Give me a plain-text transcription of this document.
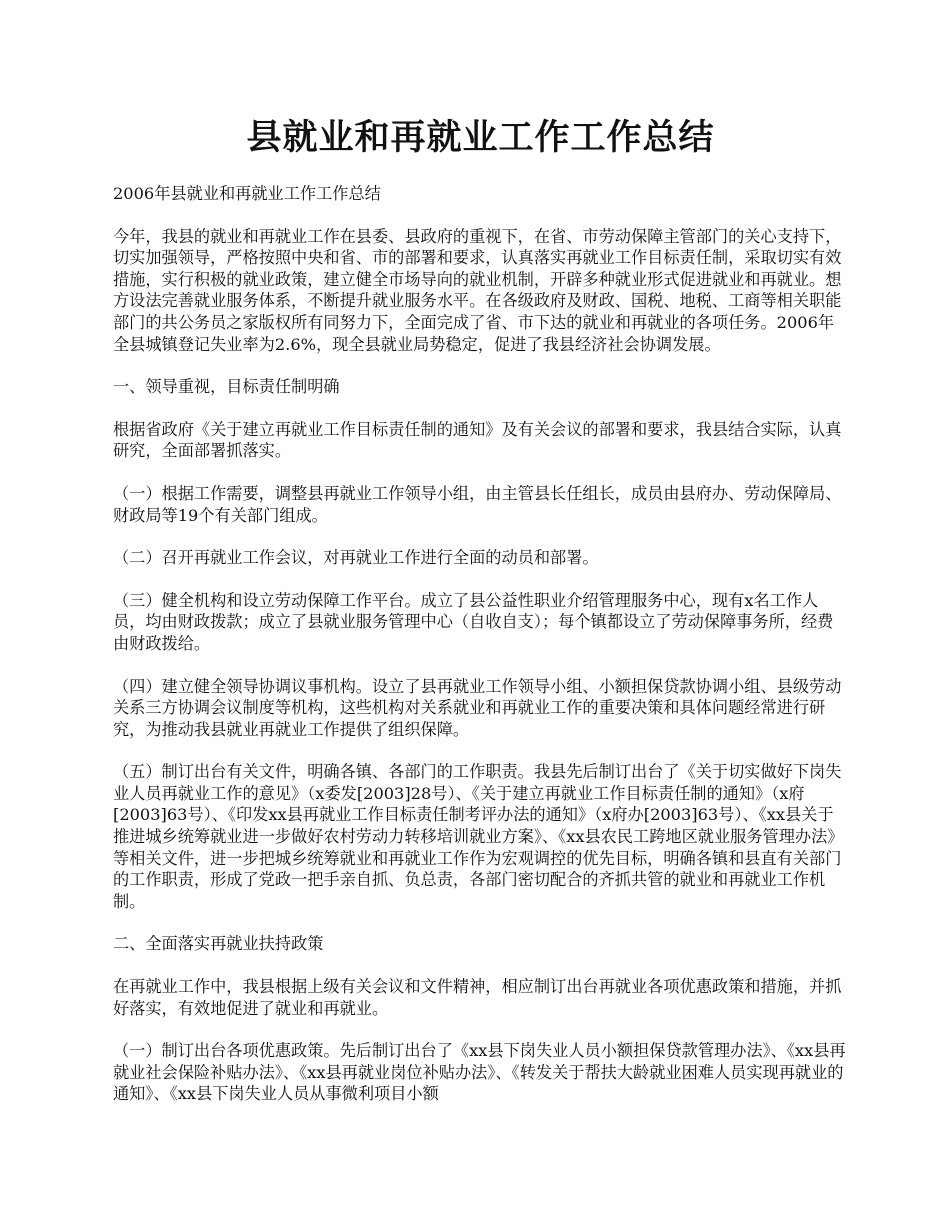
县就业和再就业工作工作总结

2006年县就业和再就业工作工作总结

今年，我县的就业和再就业工作在县委、县政府的重视下，在省、市劳动保障主管部门的关心支持下，切实加强领导，严格按照中央和省、市的部署和要求，认真落实再就业工作目标责任制，采取切实有效措施，实行积极的就业政策，建立健全市场导向的就业机制，开辟多种就业形式促进就业和再就业。想方设法完善就业服务体系，不断提升就业服务水平。在各级政府及财政、国税、地税、工商等相关职能部门的共公务员之家版权所有同努力下，全面完成了省、市下达的就业和再就业的各项任务。2006年全县城镇登记失业率为2.6%，现全县就业局势稳定，促进了我县经济社会协调发展。

一、领导重视，目标责任制明确

根据省政府《关于建立再就业工作目标责任制的通知》及有关会议的部署和要求，我县结合实际，认真研究，全面部署抓落实。

（一）根据工作需要，调整县再就业工作领导小组，由主管县长任组长，成员由县府办、劳动保障局、财政局等19个有关部门组成。

（二）召开再就业工作会议，对再就业工作进行全面的动员和部署。

（三）健全机构和设立劳动保障工作平台。成立了县公益性职业介绍管理服务中心，现有x名工作人员，均由财政拨款；成立了县就业服务管理中心（自收自支）；每个镇都设立了劳动保障事务所，经费由财政拨给。

（四）建立健全领导协调议事机构。设立了县再就业工作领导小组、小额担保贷款协调小组、县级劳动关系三方协调会议制度等机构，这些机构对关系就业和再就业工作的重要决策和具体问题经常进行研究，为推动我县就业再就业工作提供了组织保障。

（五）制订出台有关文件，明确各镇、各部门的工作职责。我县先后制订出台了《关于切实做好下岗失业人员再就业工作的意见》（x委发[2003]28号）、《关于建立再就业工作目标责任制的通知》（x府[2003]63号）、《印发xx县再就业工作目标责任制考评办法的通知》（x府办[2003]63号）、《xx县关于推进城乡统筹就业进一步做好农村劳动力转移培训就业方案》、《xx县农民工跨地区就业服务管理办法》等相关文件，进一步把城乡统筹就业和再就业工作作为宏观调控的优先目标，明确各镇和县直有关部门的工作职责，形成了党政一把手亲自抓、负总责，各部门密切配合的齐抓共管的就业和再就业工作机制。

二、全面落实再就业扶持政策

在再就业工作中，我县根据上级有关会议和文件精神，相应制订出台再就业各项优惠政策和措施，并抓好落实，有效地促进了就业和再就业。

（一）制订出台各项优惠政策。先后制订出台了《xx县下岗失业人员小额担保贷款管理办法》、《xx县再就业社会保险补贴办法》、《xx县再就业岗位补贴办法》、《转发关于帮扶大龄就业困难人员实现再就业的通知》、《xx县下岗失业人员从事微利项目小额
